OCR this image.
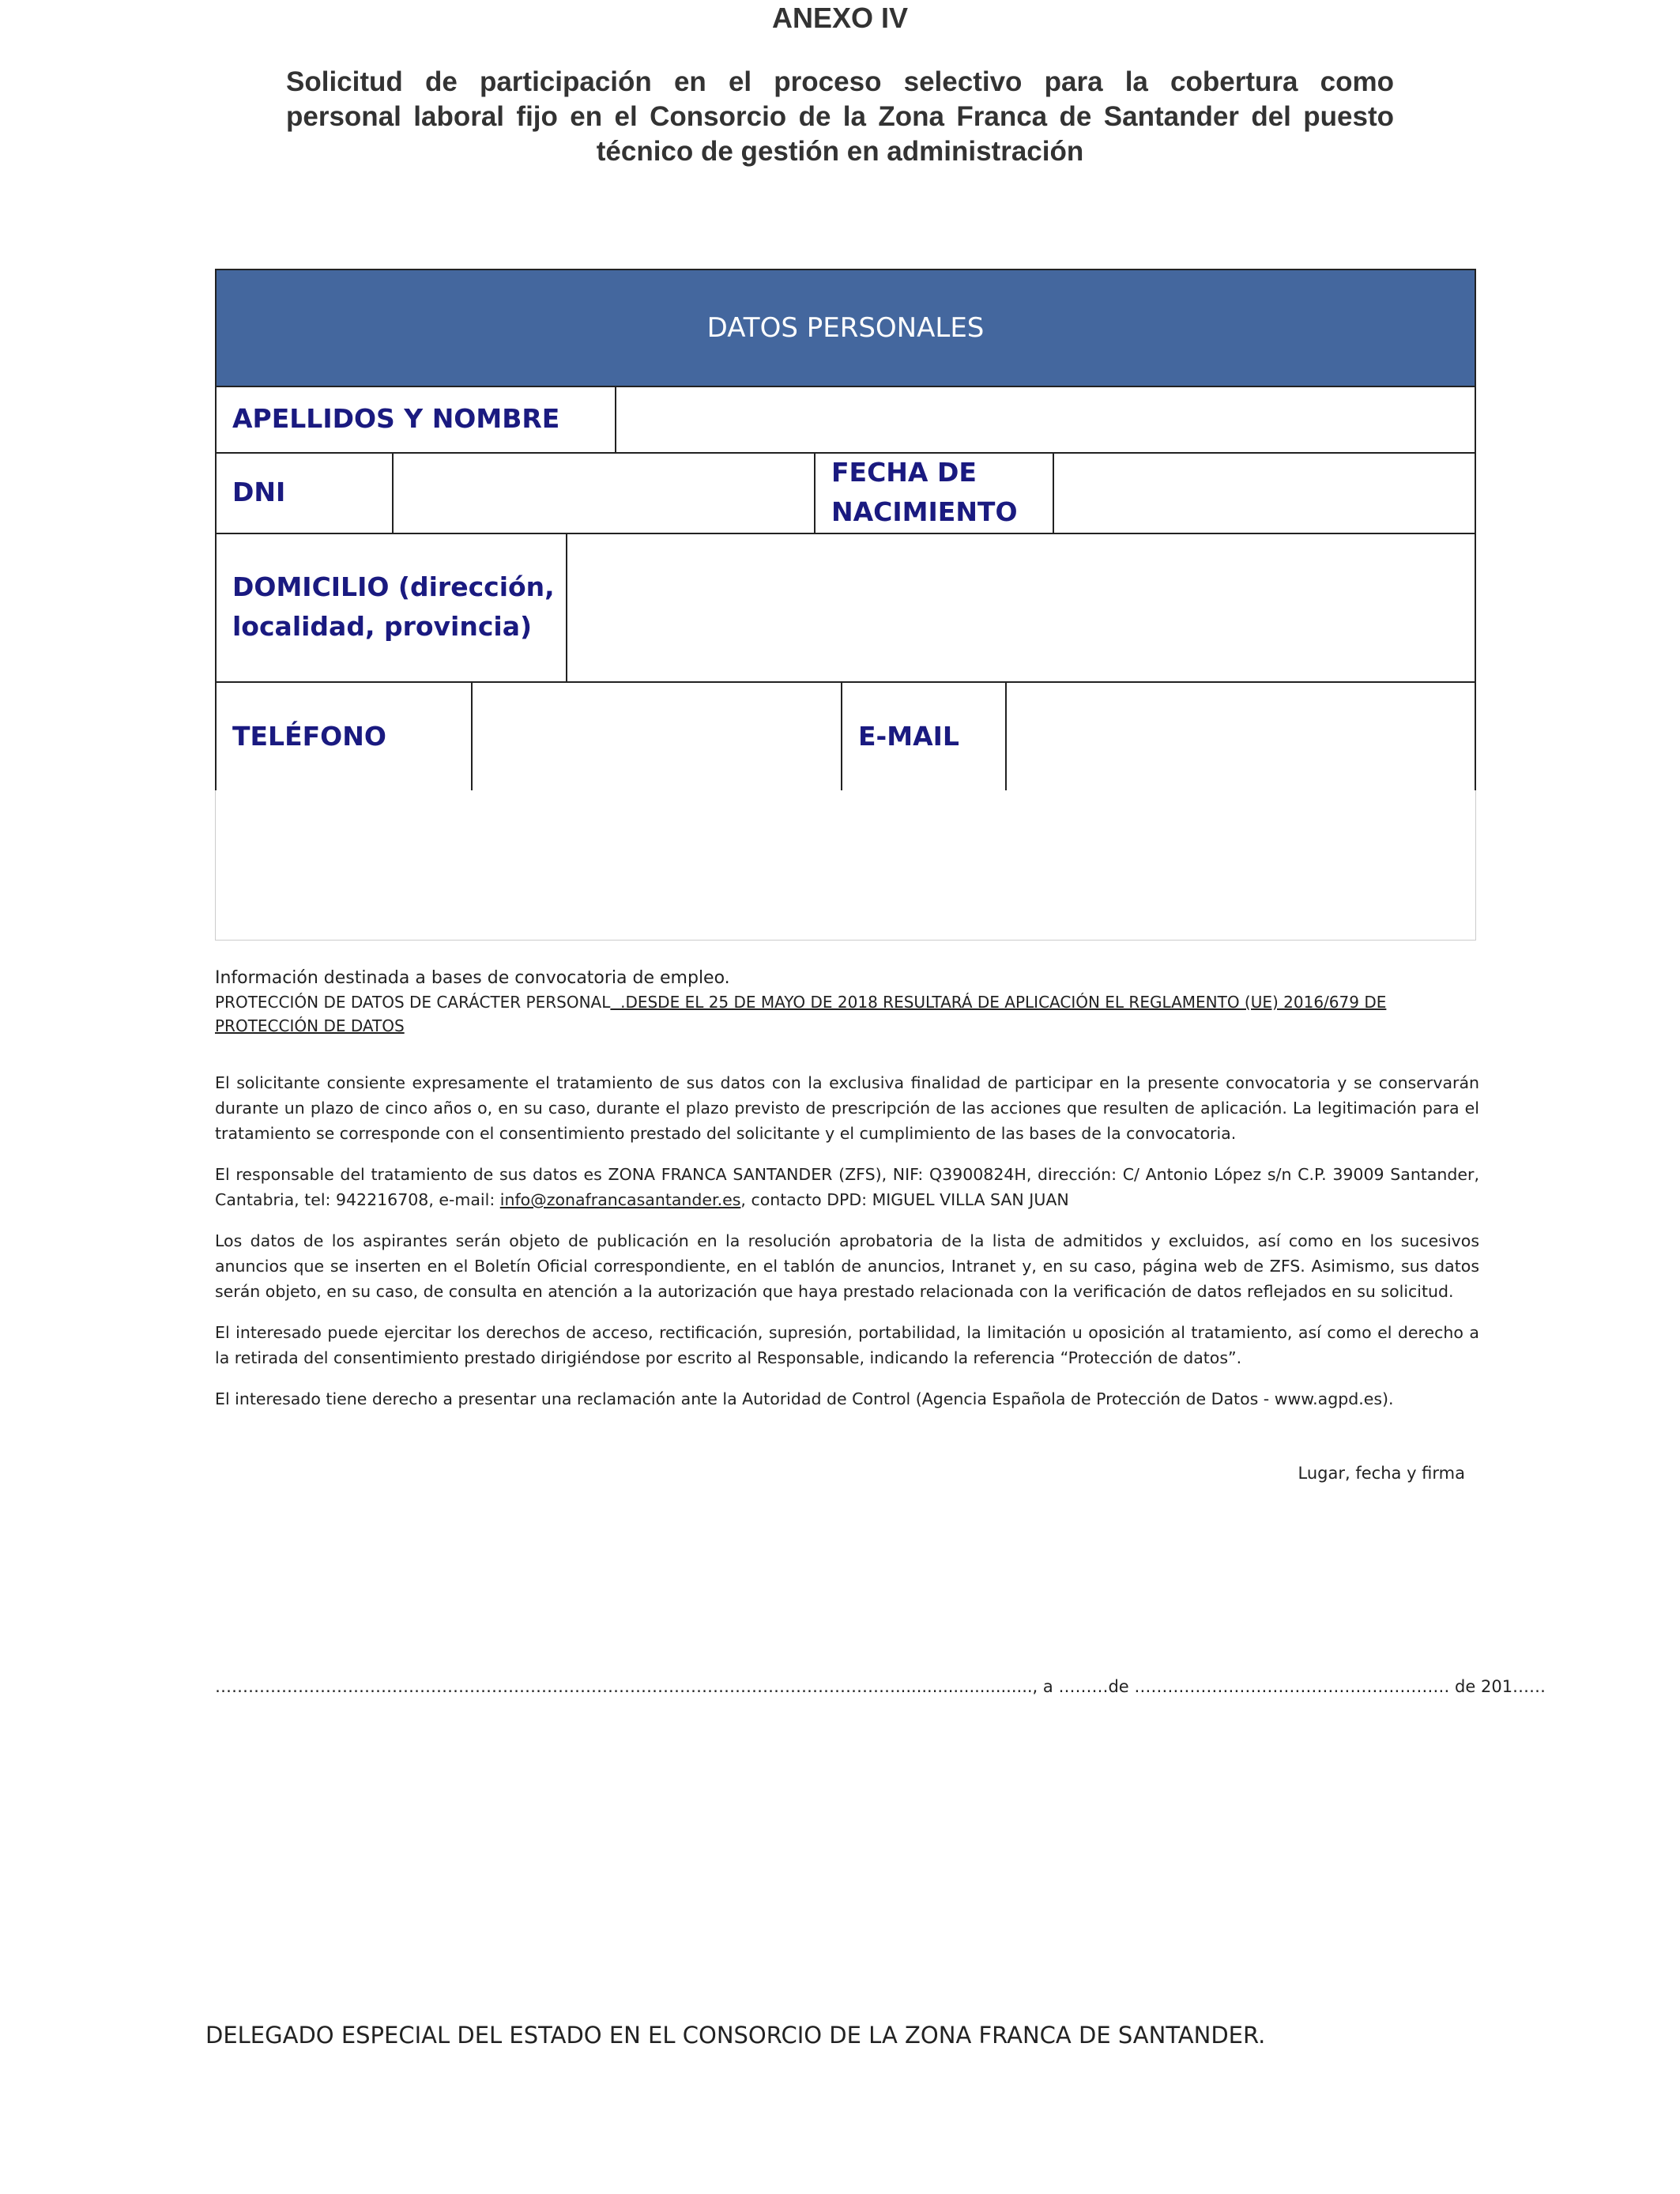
ANEXO IV
Solicitud de participación en el proceso selectivo para la cobertura como
personal laboral fijo en el Consorcio de la Zona Franca de Santander del puesto
técnico de gestión en administración
DATOS PERSONALES
APELLIDOS Y NOMBRE
DNI
FECHA DE
NACIMIENTO
DOMICILIO (dirección,
localidad, provincia)
TELÉFONO	E-MAIL

Información destinada a bases de convocatoria de empleo.

PROTECCIÓN DE DATOS DE CARÁCTER PERSONAL  .DESDE EL 25 DE MAYO DE 2018 RESULTARÁ DE APLICACIÓN EL REGLAMENTO (UE) 2016/679 DE

PROTECCIÓN DE DATOS

El solicitante consiente expresamente el tratamiento de sus datos con la exclusiva finalidad de participar en la presente convocatoria y se conservarán durante un plazo de cinco años o, en su caso, durante el plazo previsto de prescripción de las acciones que resulten de aplicación. La legitimación para el tratamiento se corresponde con el consentimiento prestado del solicitante y el cumplimiento de las bases de la convocatoria.

El responsable del tratamiento de sus datos es ZONA FRANCA SANTANDER (ZFS), NIF: Q3900824H, dirección: C/ Antonio López s/n C.P. 39009 Santander, Cantabria, tel: 942216708, e-mail: info@zonafrancasantander.es, contacto DPD: MIGUEL VILLA SAN JUAN

Los datos de los aspirantes serán objeto de publicación en la resolución aprobatoria de la lista de admitidos y excluidos, así como en los sucesivos anuncios que se inserten en el Boletín Oficial correspondiente, en el tablón de anuncios, Intranet y, en su caso, página web de ZFS. Asimismo, sus datos serán objeto, en su caso, de consulta en atención a la autorización que haya prestado relacionada con la verificación de datos reflejados en su solicitud.

El interesado puede ejercitar los derechos de acceso, rectificación, supresión, portabilidad, la limitación u oposición al tratamiento, así como el derecho a la retirada del consentimiento prestado dirigiéndose por escrito al Responsable, indicando la referencia “Protección de datos”.

El interesado tiene derecho a presentar una reclamación ante la Autoridad de Control (Agencia Española de Protección de Datos - www.agpd.es).

Lugar, fecha y firma
…………………………………………………………………………………………………………….........................., a ………de ………………………………………………… de 201……
DELEGADO ESPECIAL DEL ESTADO EN EL CONSORCIO DE LA ZONA FRANCA DE SANTANDER.
